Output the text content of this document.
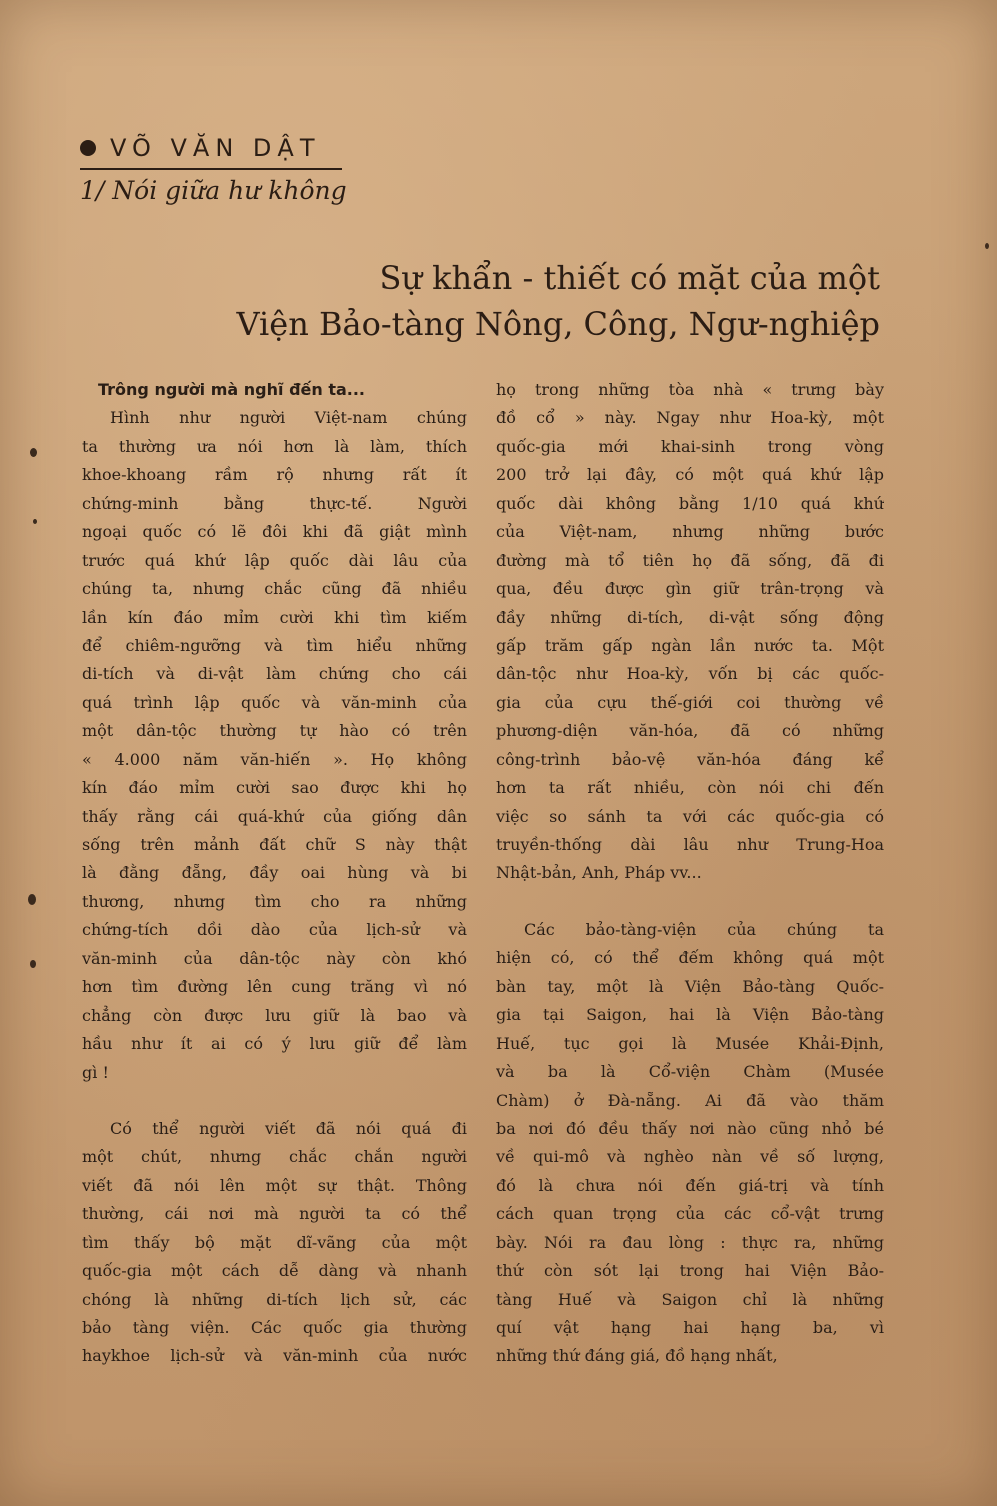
VÕ VĂN DẬT
1/ Nói giữa hư không
Sự khẩn - thiết có mặt của một
Viện Bảo-tàng Nông, Công, Ngư-nghiệp
Trông người mà nghĩ đến ta...
Hình như người Việt-nam chúng
ta thường ưa nói hơn là làm, thích
khoe-khoang rầm rộ nhưng rất ít
chứng-minh bằng thực-tế. Người
ngoại quốc có lẽ đôi khi đã giật mình
trước quá khứ lập quốc dài lâu của
chúng ta, nhưng chắc cũng đã nhiều
lần kín đáo mỉm cười khi tìm kiếm
để chiêm-ngưỡng và tìm hiểu những
di-tích và di-vật làm chứng cho cái
quá trình lập quốc và văn-minh của
một dân-tộc thường tự hào có trên
« 4.000 năm văn-hiến ». Họ không
kín đáo mỉm cười sao được khi họ
thấy rằng cái quá-khứ của giống dân
sống trên mảnh đất chữ S này thật
là đằng đẵng, đầy oai hùng và bi
thương, nhưng tìm cho ra những
chứng-tích dồi dào của lịch-sử và
văn-minh của dân-tộc này còn khó
hơn tìm đường lên cung trăng vì nó
chẳng còn được lưu giữ là bao và
hầu như ít ai có ý lưu giữ để làm
gì !
Có thể người viết đã nói quá đi
một chút, nhưng chắc chắn người
viết đã nói lên một sự thật. Thông
thường, cái nơi mà người ta có thể
tìm thấy bộ mặt dĩ-vãng của một
quốc-gia một cách dễ dàng và nhanh
chóng là những di-tích lịch sử, các
bảo tàng viện. Các quốc gia thường
haykhoe lịch-sử và văn-minh của nước
họ trong những tòa nhà « trưng bày
đồ cổ » này. Ngay như Hoa-kỳ, một
quốc-gia mới khai-sinh trong vòng
200 trở lại đây, có một quá khứ lập
quốc dài không bằng 1/10 quá khứ
của Việt-nam, nhưng những bước
đường mà tổ tiên họ đã sống, đã đi
qua, đều được gìn giữ trân-trọng và
đầy những di-tích, di-vật sống động
gấp trăm gấp ngàn lần nước ta. Một
dân-tộc như Hoa-kỳ, vốn bị các quốc-
gia của cựu thế-giới coi thường về
phương-diện văn-hóa, đã có những
công-trình bảo-vệ văn-hóa đáng kể
hơn ta rất nhiều, còn nói chi đến
việc so sánh ta với các quốc-gia có
truyền-thống dài lâu như Trung-Hoa
Nhật-bản, Anh, Pháp vv...
Các bảo-tàng-viện của chúng ta
hiện có, có thể đếm không quá một
bàn tay, một là Viện Bảo-tàng Quốc-
gia tại Saigon, hai là Viện Bảo-tàng
Huế, tục gọi là Musée Khải-Định,
và ba là Cổ-viện Chàm (Musée
Chàm) ở Đà-nẵng. Ai đã vào thăm
ba nơi đó đều thấy nơi nào cũng nhỏ bé
về qui-mô và nghèo nàn về số lượng,
đó là chưa nói đến giá-trị và tính
cách quan trọng của các cổ-vật trưng
bày. Nói ra đau lòng : thực ra, những
thứ còn sót lại trong hai Viện Bảo-
tàng Huế và Saigon chỉ là những
quí vật hạng hai hạng ba, vì
những thứ đáng giá, đồ hạng nhất,
